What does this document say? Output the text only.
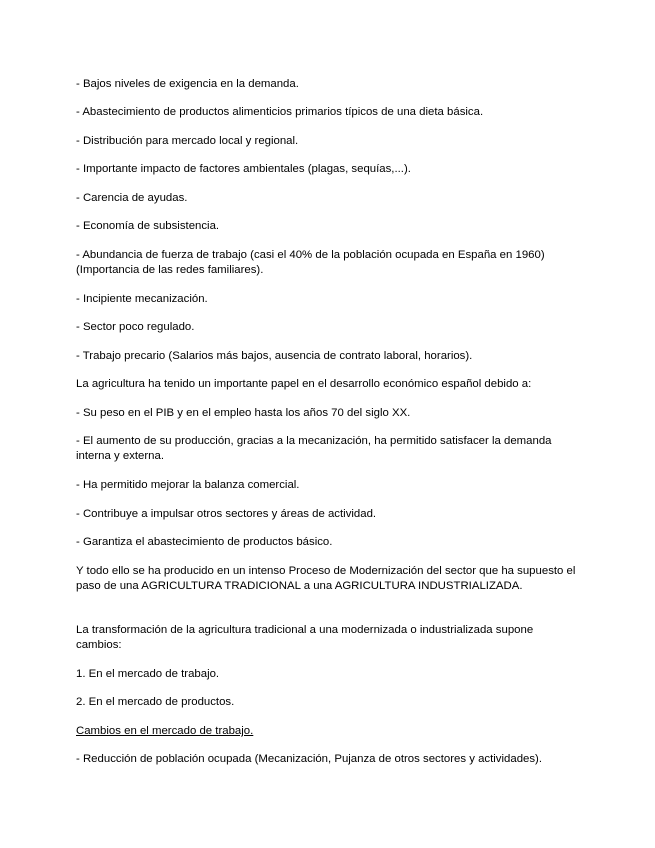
- Bajos niveles de exigencia en la demanda.

- Abastecimiento de productos alimenticios primarios típicos de una dieta básica.

- Distribución para mercado local y regional.

- Importante impacto de factores ambientales (plagas, sequías,...).

- Carencia de ayudas.

- Economía de subsistencia.

- Abundancia de fuerza de trabajo (casi el 40% de la población ocupada en España en 1960) (Importancia de las redes familiares).

- Incipiente mecanización.

- Sector poco regulado.

- Trabajo precario (Salarios más bajos, ausencia de contrato laboral, horarios).

La agricultura ha tenido un importante papel en el desarrollo económico español debido a:

- Su peso en el PIB y en el empleo hasta los años 70 del siglo XX.

- El aumento de su producción, gracias a la mecanización, ha permitido satisfacer la demanda interna y externa.

- Ha permitido mejorar la balanza comercial.

- Contribuye a impulsar otros sectores y áreas de actividad.

- Garantiza el abastecimiento de productos básico.

Y todo ello se ha producido en un intenso Proceso de Modernización del sector que ha supuesto el paso de una AGRICULTURA TRADICIONAL a una AGRICULTURA INDUSTRIALIZADA.

La transformación de la agricultura tradicional a una modernizada o industrializada supone cambios:

1. En el mercado de trabajo.

2. En el mercado de productos.

Cambios en el mercado de trabajo.

- Reducción de población ocupada (Mecanización, Pujanza de otros sectores y actividades).
